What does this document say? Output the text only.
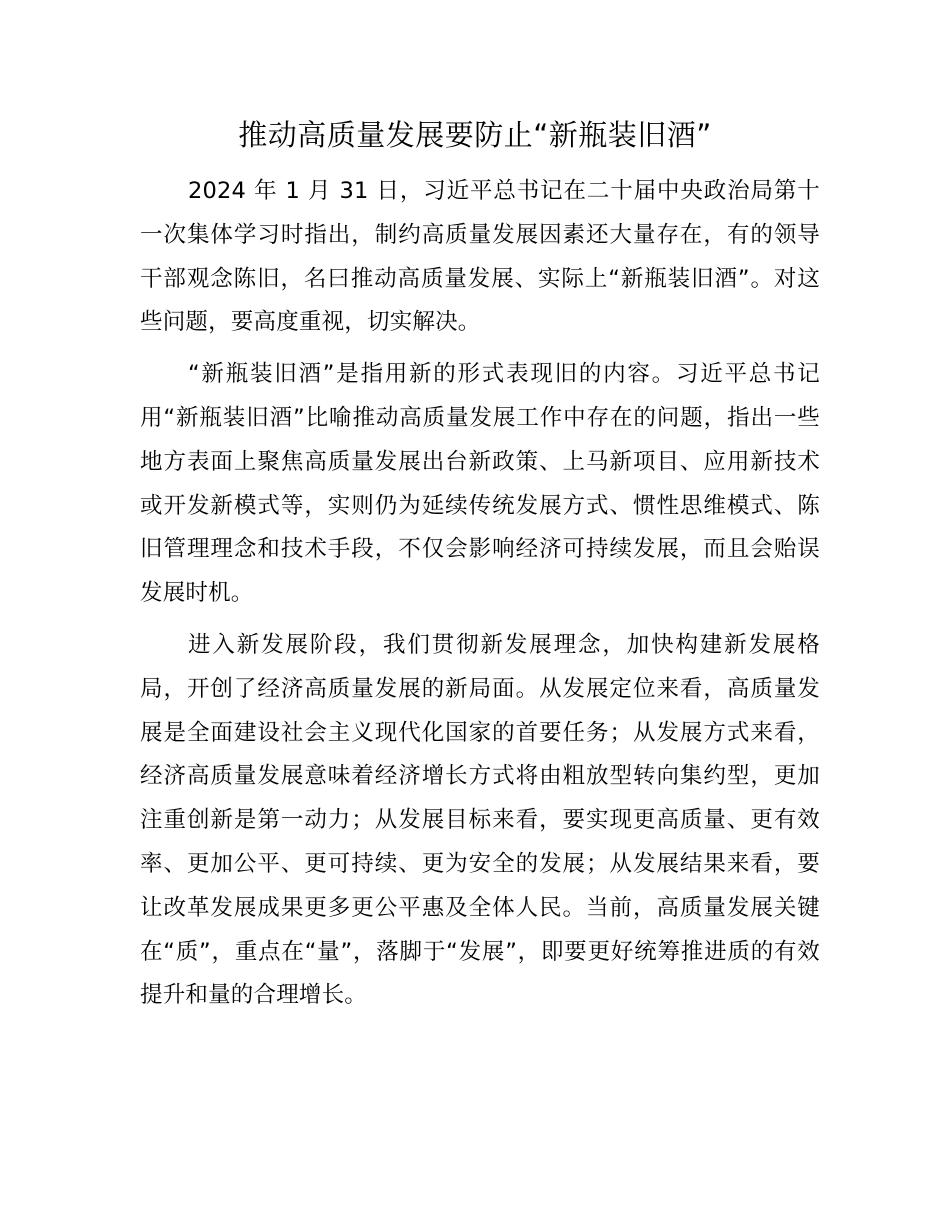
推动高质量发展要防止“新瓶装旧酒”

2024 年 1 月 31 日，习近平总书记在二十届中央政治局第十一次集体学习时指出，制约高质量发展因素还大量存在，有的领导干部观念陈旧，名曰推动高质量发展、实际上“新瓶装旧酒”。对这些问题，要高度重视，切实解决。

“新瓶装旧酒”是指用新的形式表现旧的内容。习近平总书记用“新瓶装旧酒”比喻推动高质量发展工作中存在的问题，指出一些地方表面上聚焦高质量发展出台新政策、上马新项目、应用新技术或开发新模式等，实则仍为延续传统发展方式、惯性思维模式、陈旧管理理念和技术手段，不仅会影响经济可持续发展，而且会贻误发展时机。

进入新发展阶段，我们贯彻新发展理念，加快构建新发展格局，开创了经济高质量发展的新局面。从发展定位来看，高质量发展是全面建设社会主义现代化国家的首要任务；从发展方式来看，经济高质量发展意味着经济增长方式将由粗放型转向集约型，更加注重创新是第一动力；从发展目标来看，要实现更高质量、更有效率、更加公平、更可持续、更为安全的发展；从发展结果来看，要让改革发展成果更多更公平惠及全体人民。当前，高质量发展关键在“质”，重点在“量”，落脚于“发展”，即要更好统筹推进质的有效提升和量的合理增长。
